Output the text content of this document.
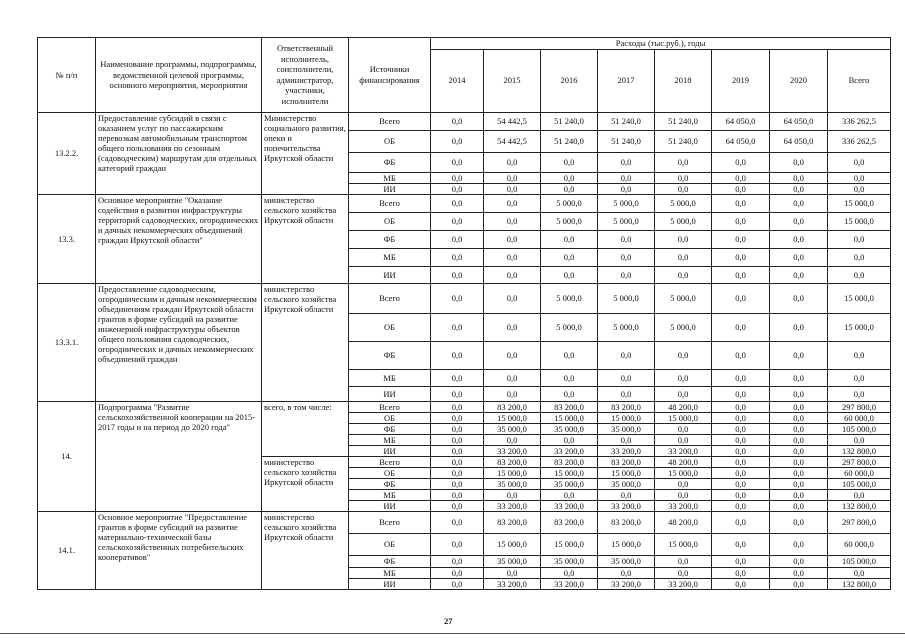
№ п/п	Наименование программы, подпрограммы, ведомственной целевой программы, основного мероприятия, мероприятия	Ответственный исполнитель, соисполнители, администратор, участники, исполнители	Источники финансирования	Расходы (тыс.руб.), годы							
				2014	2015	2016	2017	2018	2019	2020	Всего
13.2.2.	Предоставление субсидий в связи с оказанием услуг по пассажирским перевозкам автомобильным транспортом общего пользования по сезонным (садоводческим) маршрутам для отдельных категорий граждан	Министерство социального развития, опеки и попечительства Иркутской области	Всего	0,0	54 442,5	51 240,0	51 240,0	51 240,0	64 050,0	64 050,0	336 262,5
			ОБ	0,0	54 442,5	51 240,0	51 240,0	51 240,0	64 050,0	64 050,0	336 262,5
			ФБ	0,0	0,0	0,0	0,0	0,0	0,0	0,0	0,0
			МБ	0,0	0,0	0,0	0,0	0,0	0,0	0,0	0,0
			ИИ	0,0	0,0	0,0	0,0	0,0	0,0	0,0	0,0
13.3.	Основное мероприятие "Оказание содействия в развитии инфраструктуры территорий садоводческих, огороднических и дачных некоммерческих объединений граждан Иркутской области"	министерство сельского хозяйства Иркутской области	Всего	0,0	0,0	5 000,0	5 000,0	5 000,0	0,0	0,0	15 000,0
			ОБ	0,0	0,0	5 000,0	5 000,0	5 000,0	0,0	0,0	15 000,0
			ФБ	0,0	0,0	0,0	0,0	0,0	0,0	0,0	0,0
			МБ	0,0	0,0	0,0	0,0	0,0	0,0	0,0	0,0
			ИИ	0,0	0,0	0,0	0,0	0,0	0,0	0,0	0,0
13.3.1.	Предоставление садоводческим, огородническим и дачным некоммерческим объединениям граждан Иркутской области грантов в форме субсидий на развитие инженерной инфраструктуры объектов общего пользования садоводческих, огороднических и дачных некоммерческих объединений граждан	министерство сельского хозяйства Иркутской области	Всего	0,0	0,0	5 000,0	5 000,0	5 000,0	0,0	0,0	15 000,0
			ОБ	0,0	0,0	5 000,0	5 000,0	5 000,0	0,0	0,0	15 000,0
			ФБ	0,0	0,0	0,0	0,0	0,0	0,0	0,0	0,0
			МБ	0,0	0,0	0,0	0,0	0,0	0,0	0,0	0,0
			ИИ	0,0	0,0	0,0	0,0	0,0	0,0	0,0	0,0
14.	Подпрограмма "Развитие сельскохозяйственной кооперации на 2015-2017 годы и на период до 2020 года"	всего, в том числе:	Всего	0,0	83 200,0	83 200,0	83 200,0	48 200,0	0,0	0,0	297 800,0
			ОБ	0,0	15 000,0	15 000,0	15 000,0	15 000,0	0,0	0,0	60 000,0
			ФБ	0,0	35 000,0	35 000,0	35 000,0	0,0	0,0	0,0	105 000,0
			МБ	0,0	0,0	0,0	0,0	0,0	0,0	0,0	0,0
			ИИ	0,0	33 200,0	33 200,0	33 200,0	33 200,0	0,0	0,0	132 800,0
		министерство сельского хозяйства Иркутской области	Всего	0,0	83 200,0	83 200,0	83 200,0	48 200,0	0,0	0,0	297 800,0
			ОБ	0,0	15 000,0	15 000,0	15 000,0	15 000,0	0,0	0,0	60 000,0
			ФБ	0,0	35 000,0	35 000,0	35 000,0	0,0	0,0	0,0	105 000,0
			МБ	0,0	0,0	0,0	0,0	0,0	0,0	0,0	0,0
			ИИ	0,0	33 200,0	33 200,0	33 200,0	33 200,0	0,0	0,0	132 800,0
14.1.	Основное мероприятие "Предоставление грантов в форме субсидий на развитие материально-технической базы сельскохозяйственных потребительских кооперативов"	министерство сельского хозяйства Иркутской области	Всего	0,0	83 200,0	83 200,0	83 200,0	48 200,0	0,0	0,0	297 800,0
			ОБ	0,0	15 000,0	15 000,0	15 000,0	15 000,0	0,0	0,0	60 000,0
			ФБ	0,0	35 000,0	35 000,0	35 000,0	0,0	0,0	0,0	105 000,0
			МБ	0,0	0,0	0,0	0,0	0,0	0,0	0,0	0,0
			ИИ	0,0	33 200,0	33 200,0	33 200,0	33 200,0	0,0	0,0	132 800,0
27
